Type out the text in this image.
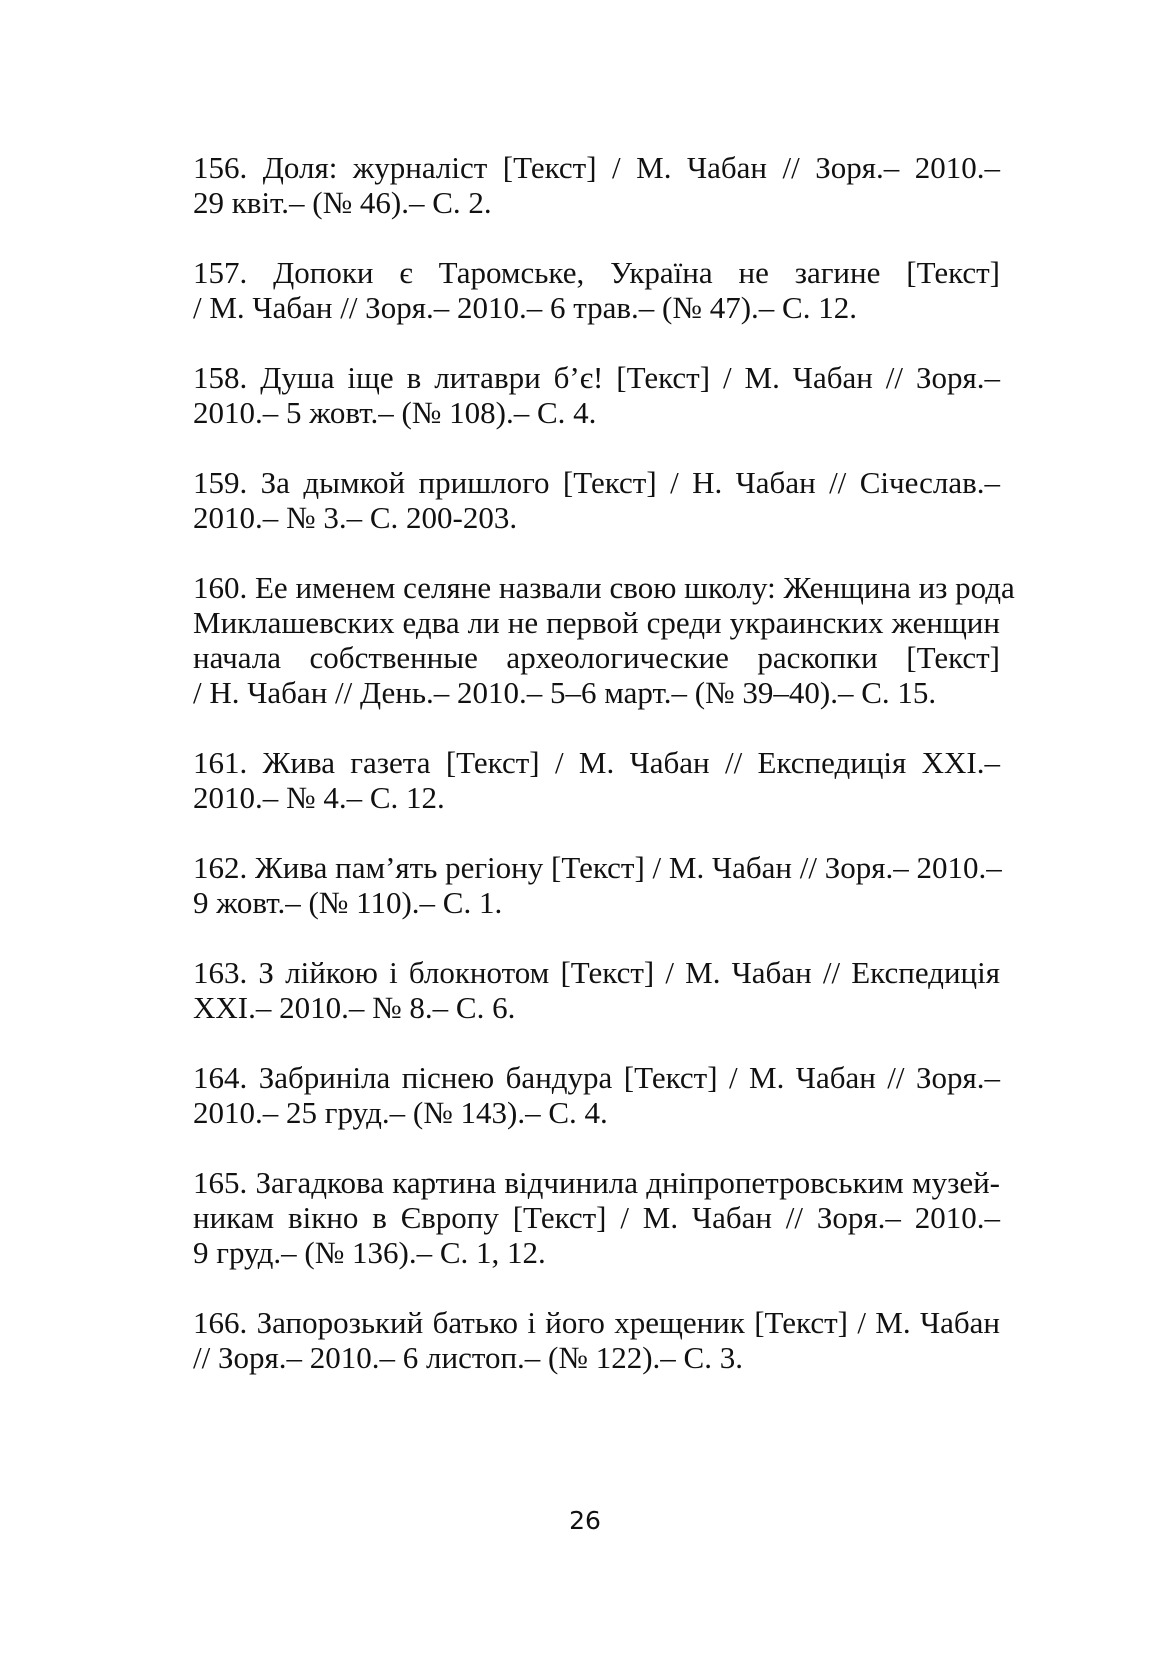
156. Доля: журналіст [Текст] / М. Чабан // Зоря.– 2010.–
29 квіт.– (№ 46).– С. 2.

157. Допоки є Таромське, Україна не загине [Текст]
/ М. Чабан // Зоря.– 2010.– 6 трав.– (№ 47).– С. 12.

158. Душа іще в литаври б’є! [Текст] / М. Чабан // Зоря.–
2010.– 5 жовт.– (№ 108).– С. 4.

159. За дымкой пришлого [Текст] / Н. Чабан // Січеслав.–
2010.– № 3.– С. 200-203.

160. Ее именем селяне назвали свою школу: Женщина из рода
Миклашевских едва ли не первой среди украинских женщин
начала собственные археологические раскопки [Текст]
/ Н. Чабан // День.– 2010.– 5–6 март.– (№ 39–40).– С. 15.

161. Жива газета [Текст] / М. Чабан // Експедиція XXI.–
2010.– № 4.– С. 12.

162. Жива пам’ять регіону [Текст] / М. Чабан // Зоря.– 2010.–
9 жовт.– (№ 110).– С. 1.

163. З лійкою і блокнотом [Текст] / М. Чабан // Експедиція
XXI.– 2010.– № 8.– С. 6.

164. Забриніла піснею бандура [Текст] / М. Чабан // Зоря.–
2010.– 25 груд.– (№ 143).– С. 4.

165. Загадкова картина відчинила дніпропетровським музей-
никам вікно в Європу [Текст] / М. Чабан // Зоря.– 2010.–
9 груд.– (№ 136).– С. 1, 12.

166. Запорозький батько і його хрещеник [Текст] / М. Чабан
// Зоря.– 2010.– 6 листоп.– (№ 122).– С. 3.

26
